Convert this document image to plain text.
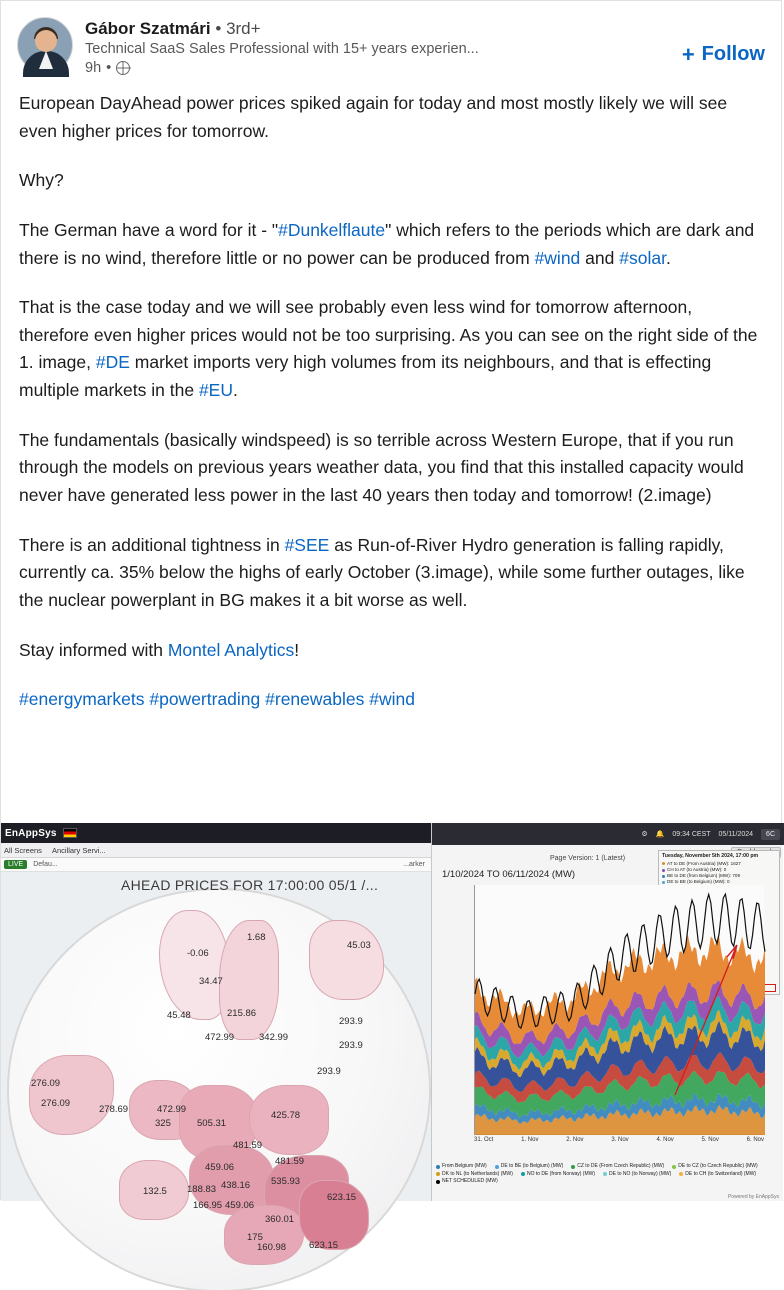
Gábor Szatmári • 3rd+
Technical SaaS Sales Professional with 15+ years experien...
9h •
+ Follow

European DayAhead power prices spiked again for today and most mostly likely we will see even higher prices for tomorrow.

Why?

The German have a word for it - "#Dunkelflaute" which refers to the periods which are dark and there is no wind, therefore little or no power can be produced from #wind and #solar.

That is the case today and we will see probably even less wind for tomorrow afternoon, therefore even higher prices would not be too surprising. As you can see on the right side of the 1. image, #DE market imports very high volumes from its neighbours, and that is effecting multiple markets in the #EU.

The fundamentals (basically windspeed) is so terrible across Western Europe, that if you run through the models on previous years weather data, you find that this installed capacity would never have generated less power in the last 40 years then today and tomorrow! (2.image)

There is an additional tightness in #SEE as Run-of-River Hydro generation is falling rapidly, currently ca. 35% below the highs of early October (3.image), while some further outages, like the nuclear powerplant in BG makes it a bit worse as well.

Stay informed with Montel Analytics!

#energymarkets #powertrading #renewables #wind

EnAppSys
All Screens Ancillary Servi...
LIVE	Defau...	...arker
-0.06
1.68
45.03
34.47
45.48	215.86
293.9
472.99	342.99
293.9
293.9
276.09
276.09
278.69	472.99
325	505.31
425.78
481.59
481.59
459.06
438.16 535.93
132.5 188.83
166.95 459.06
623.15
360.01
175
160.98 623.15
AHEAD PRICES FOR 17:00:00 05/1 /...
⚙ 🔔 09:34 CEST 05/11/2024	6C
Page Version: 1 (Latest)
1/10/2024 TO 06/11/2024 (MW)
Tuesday, November 5th 2024, 17:00 pm
AT to DE (From Austria) (MW): 1627
CH to AT (to Austria) (MW): 0
BE to DE (from Belgium) (MW): 709
DE to BE (to Belgium) (MW): 0
31. Oct	1. Nov	2. Nov	3. Nov	4. Nov	5. Nov	6. Nov
From Belgium (MW)	DE to BE (to Belgium) (MW)	CZ to DE (From Czech Republic) (MW)	DE to CZ (to Czech Republic) (MW)
DK to NL (to Netherlands) (MW)	NO to DE (from Norway) (MW)	DE to NO (to Norway) (MW)	DE to CH (to Switzerland) (MW)
NET SCHEDULED (MW)
Powered by EnAppSys
